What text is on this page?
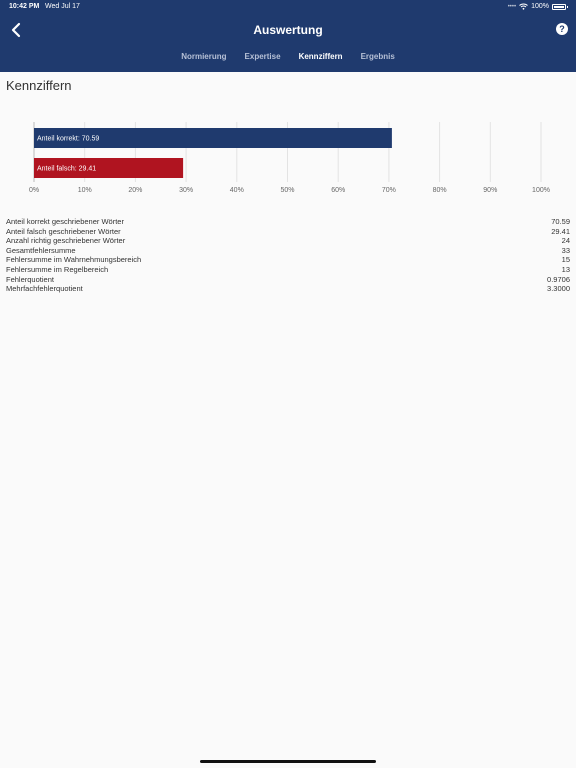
10:42 PM Wed Jul 17	•••• 100%
Auswertung	?
Normierung Expertise Kennziffern Ergebnis
Kennziffern
0%	10%	20%	30%	40%	50%	60%	70%	80%	90%	100%
Anteil korrekt: 70.59
Anteil falsch: 29.41
Anteil korrekt geschriebener Wörter	70.59
Anteil falsch geschriebener Wörter	29.41
Anzahl richtig geschriebener Wörter	24
Gesamtfehlersumme	33
Fehlersumme im Wahrnehmungsbereich	15
Fehlersumme im Regelbereich	13
Fehlerquotient	0.9706
Mehrfachfehlerquotient	3.3000
